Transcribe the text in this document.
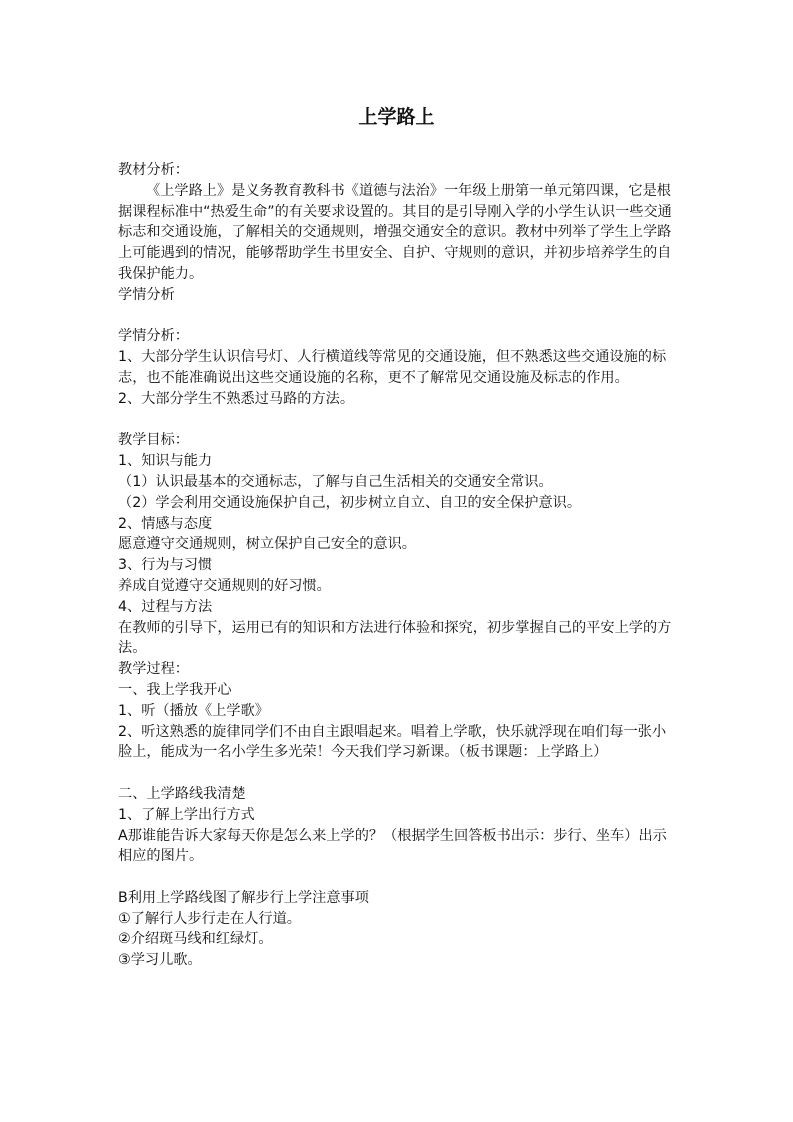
上学路上

教材分析：

《上学路上》是义务教育教科书《道德与法治》一年级上册第一单元第四课，它是根据课程标准中“热爱生命”的有关要求设置的。其目的是引导刚入学的小学生认识一些交通标志和交通设施，了解相关的交通规则，增强交通安全的意识。教材中列举了学生上学路上可能遇到的情况，能够帮助学生书里安全、自护、守规则的意识，并初步培养学生的自我保护能力。

学情分析

学情分析：

1、大部分学生认识信号灯、人行横道线等常见的交通设施，但不熟悉这些交通设施的标志，也不能准确说出这些交通设施的名称，更不了解常见交通设施及标志的作用。

2、大部分学生不熟悉过马路的方法。

教学目标：

1、知识与能力

（1）认识最基本的交通标志，了解与自己生活相关的交通安全常识。

（2）学会利用交通设施保护自己，初步树立自立、自卫的安全保护意识。

2、情感与态度

愿意遵守交通规则，树立保护自己安全的意识。

3、行为与习惯

养成自觉遵守交通规则的好习惯。

4、过程与方法

在教师的引导下，运用已有的知识和方法进行体验和探究，初步掌握自己的平安上学的方法。

教学过程：

一、我上学我开心

1、听（播放《上学歌》

2、听这熟悉的旋律同学们不由自主跟唱起来。唱着上学歌，快乐就浮现在咱们每一张小脸上，能成为一名小学生多光荣！今天我们学习新课。（板书课题：上学路上）

二、上学路线我清楚

1、了解上学出行方式

A那谁能告诉大家每天你是怎么来上学的？（根据学生回答板书出示：步行、坐车）出示相应的图片。

B利用上学路线图了解步行上学注意事项

①了解行人步行走在人行道。

②介绍斑马线和红绿灯。

③学习儿歌。
